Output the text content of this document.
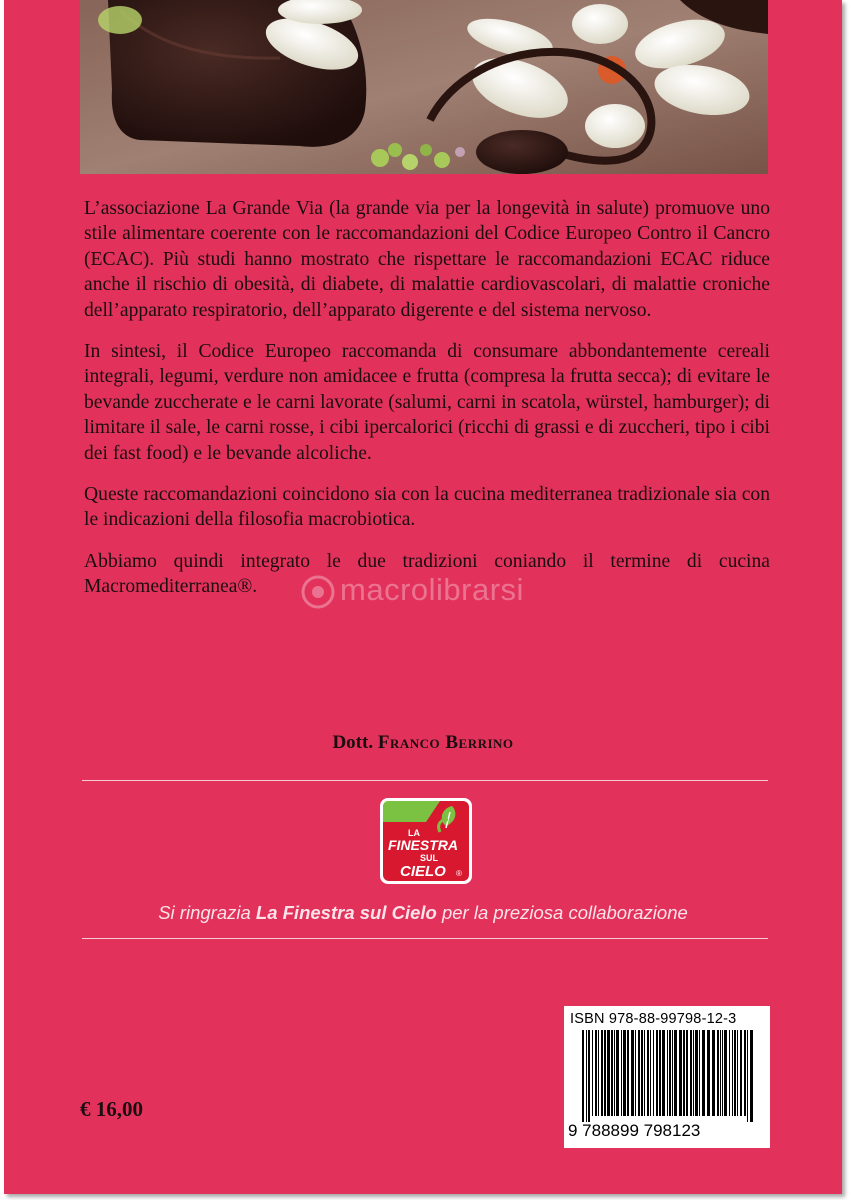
L’associazione La Grande Via (la grande via per la longevità in salute) promuove uno stile alimentare coerente con le raccomandazioni del Codice Europeo Contro il Cancro (ECAC). Più studi hanno mostrato che rispettare le raccomandazioni ECAC riduce anche il rischio di obesità, di diabete, di malattie cardiovascolari, di malattie croniche dell’apparato respiratorio, dell’apparato digerente e del sistema nervoso.

In sintesi, il Codice Europeo raccomanda di consumare abbondantemente cereali integrali, legumi, verdure non amidacee e frutta (compresa la frutta secca); di evitare le bevande zuccherate e le carni lavorate (salumi, carni in scatola, würstel, hamburger); di limitare il sale, le carni rosse, i cibi ipercalorici (ricchi di grassi e di zuccheri, tipo i cibi dei fast food) e le bevande alcoliche.

Queste raccomandazioni coincidono sia con la cucina mediterranea tradizionale sia con le indicazioni della filosofia macrobiotica.

Abbiamo quindi integrato le due tradizioni coniando il termine di cucina Macromediterranea®.	macrolibrarsi
Dott. Franco Berrino
LA
FINESTRA
SUL
CIELO ®
Si ringrazia La Finestra sul Cielo per la preziosa collaborazione
ISBN 978-88-99798-12-3
9 788899 798123
€ 16,00
